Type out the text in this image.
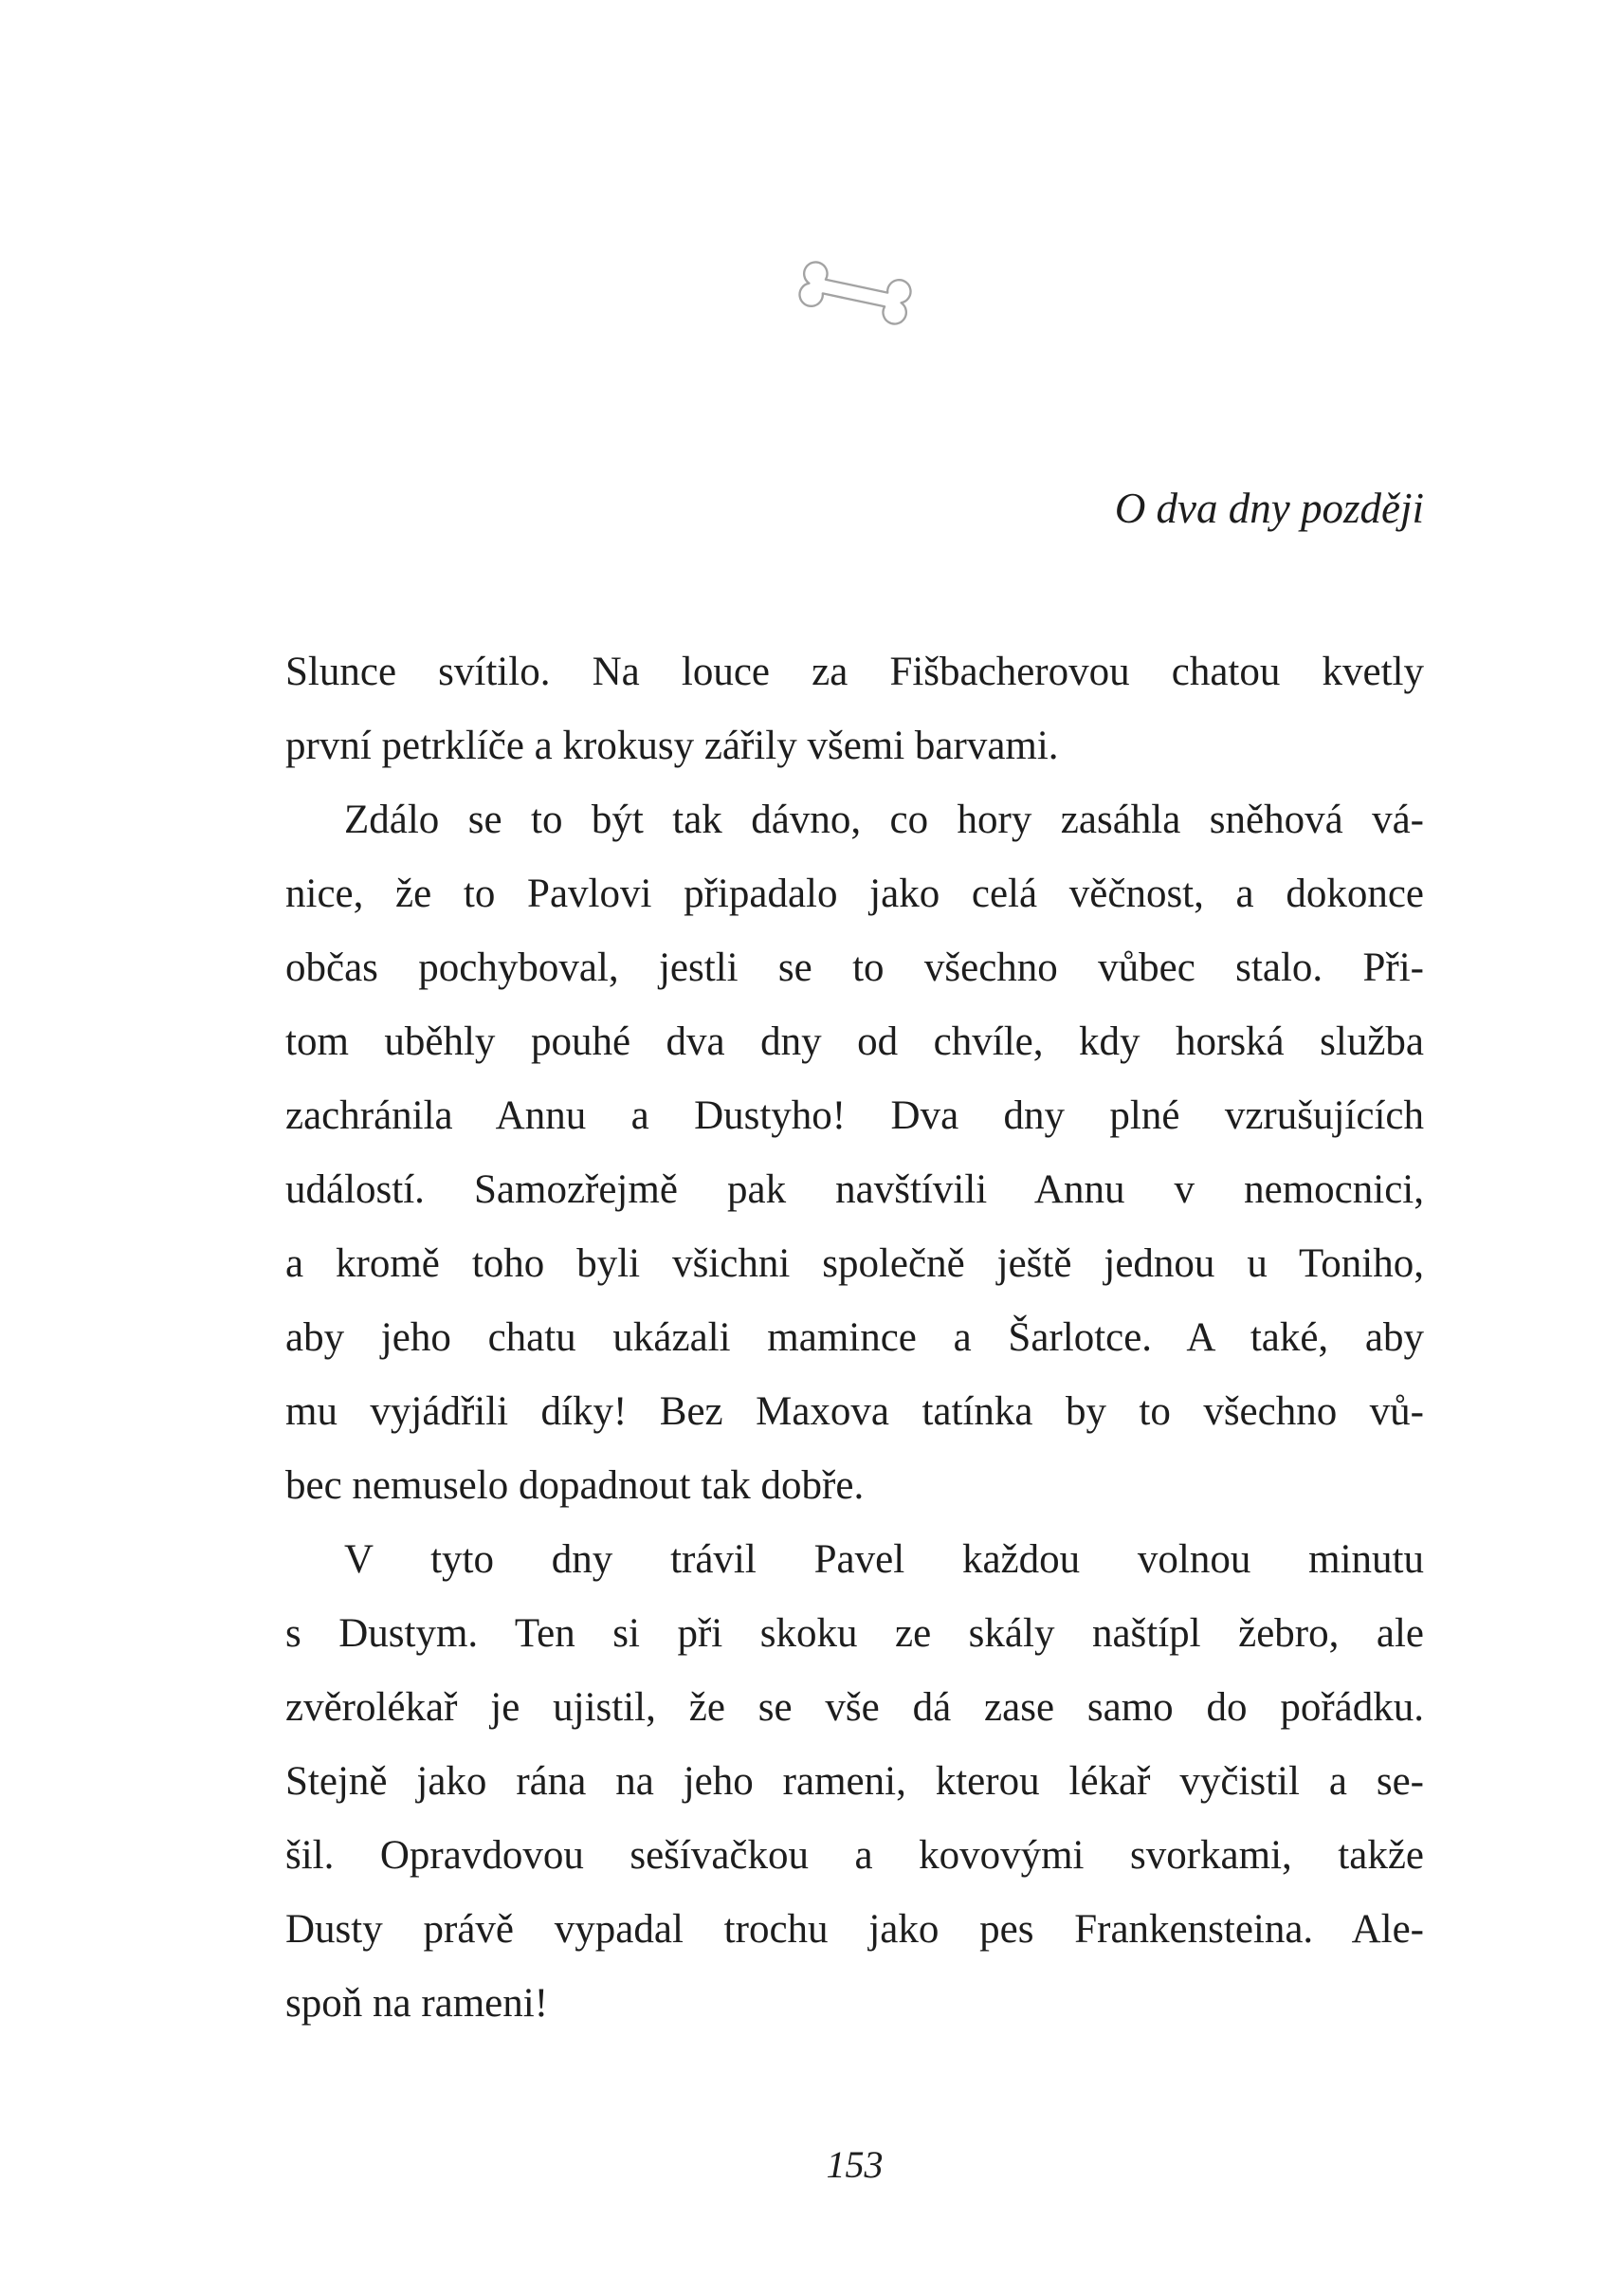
O dva dny později
Slunce svítilo. Na louce za Fišbacherovou chatou kvetly
první petrklíče a krokusy zářily všemi barvami.
Zdálo se to být tak dávno, co hory zasáhla sněhová vá-
nice, že to Pavlovi připadalo jako celá věčnost, a dokonce
občas pochyboval, jestli se to všechno vůbec stalo. Při-
tom uběhly pouhé dva dny od chvíle, kdy horská služba
zachránila Annu a Dustyho! Dva dny plné vzrušujících
událostí. Samozřejmě pak navštívili Annu v nemocnici,
a kromě toho byli všichni společně ještě jednou u Toniho,
aby jeho chatu ukázali mamince a Šarlotce. A také, aby
mu vyjádřili díky! Bez Maxova tatínka by to všechno vů-
bec nemuselo dopadnout tak dobře.
V tyto dny trávil Pavel každou volnou minutu
s Dustym. Ten si při skoku ze skály naštípl žebro, ale
zvěrolékař je ujistil, že se vše dá zase samo do pořádku.
Stejně jako rána na jeho rameni, kterou lékař vyčistil a se-
šil. Opravdovou sešívačkou a kovovými svorkami, takže
Dusty právě vypadal trochu jako pes Frankensteina. Ale-
spoň na rameni!
153
